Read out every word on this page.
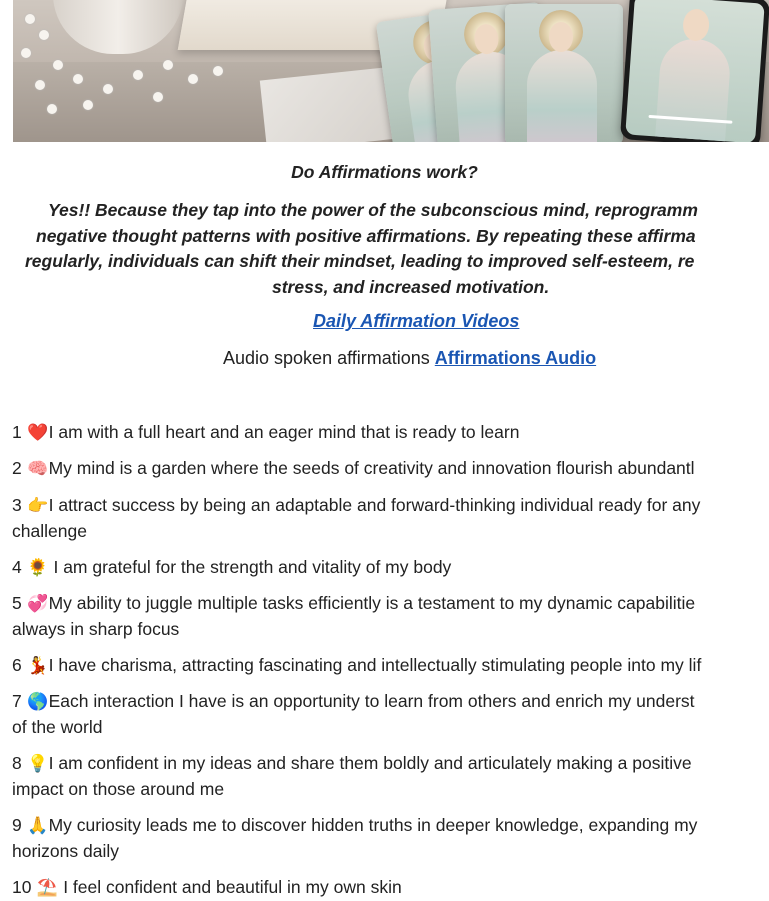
Do Affirmations work?
Yes!! Because they tap into the power of the subconscious mind, reprogramm
negative thought patterns with positive affirmations. By repeating these affirma
regularly, individuals can shift their mindset, leading to improved self-esteem, re
stress, and increased motivation.
Daily Affirmation Videos
Audio spoken affirmations Affirmations Audio
1 ❤️I am with a full heart and an eager mind that is ready to learn
2 🧠My mind is a garden where the seeds of creativity and innovation flourish abundantl
3 👉I attract success by being an adaptable and forward-thinking individual ready for any
challenge
4 🌻 I am grateful for the strength and vitality of my body
5 💞My ability to juggle multiple tasks efficiently is a testament to my dynamic capabilitie
always in sharp focus
6 💃I have charisma, attracting fascinating and intellectually stimulating people into my lif
7 🌎Each interaction I have is an opportunity to learn from others and enrich my underst
of the world
8 💡I am confident in my ideas and share them boldly and articulately making a positive
impact on those around me
9 🙏My curiosity leads me to discover hidden truths in deeper knowledge, expanding my
horizons daily
10 ⛱️ I feel confident and beautiful in my own skin
